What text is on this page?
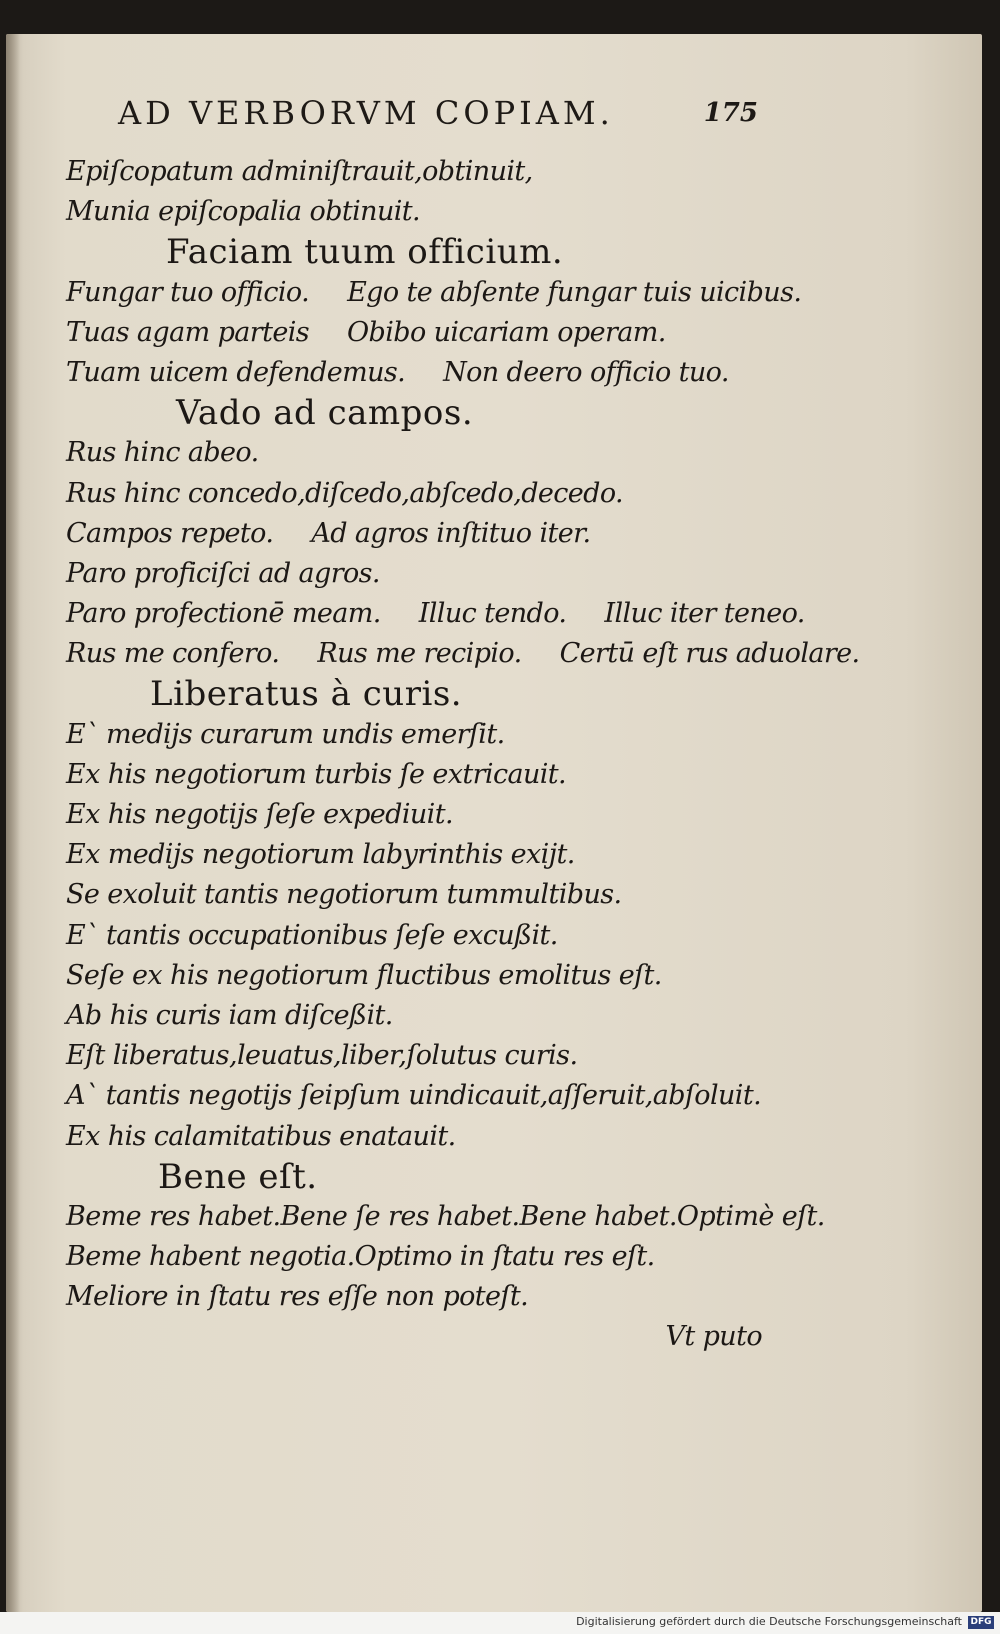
AD VERBORVM COPIAM.	175
Epiſcopatum adminiſtrauit,obtinuit,
Munia epiſcopalia obtinuit.
Faciam tuum officium.
Fungar tuo officio. Ego te abſente fungar tuis uicibus.
Tuas agam parteis Obibo uicariam operam.
Tuam uicem defendemus. Non deero officio tuo.
Vado ad campos.
Rus hinc abeo.
Rus hinc concedo,diſcedo,abſcedo,decedo.
Campos repeto. Ad agros inſtituo iter.
Paro proficiſci ad agros.
Paro profectionē meam. Illuc tendo. Illuc iter teneo.
Rus me confero. Rus me recipio. Certū eſt rus aduolare.
Liberatus à curis.
E` medijs curarum undis emerſit.
Ex his negotiorum turbis ſe extricauit.
Ex his negotijs ſeſe expediuit.
Ex medijs negotiorum labyrinthis exijt.
Se exoluit tantis negotiorum tummultibus.
E` tantis occupationibus ſeſe excußit.
Seſe ex his negotiorum fluctibus emolitus eſt.
Ab his curis iam diſceßit.
Eſt liberatus,leuatus,liber,ſolutus curis.
A` tantis negotijs ſeipſum uindicauit,aſſeruit,abſoluit.
Ex his calamitatibus enatauit.
Bene eſt.
Beme res habet.Bene ſe res habet.Bene habet.Optimè eſt.
Beme habent negotia.Optimo in ſtatu res eſt.
Meliore in ſtatu res eſſe non poteſt.
Vt puto
Digitalisierung gefördert durch die Deutsche Forschungsgemeinschaft DFG
